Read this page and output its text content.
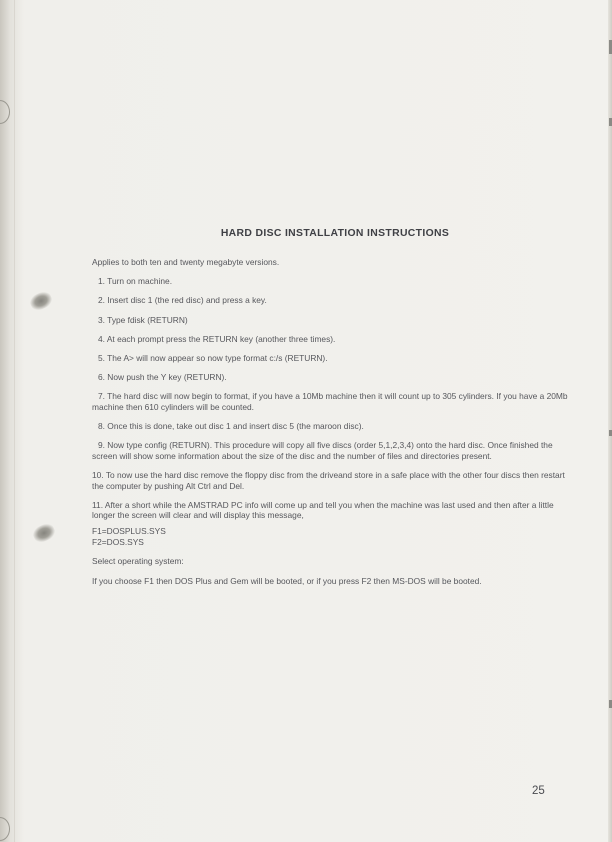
HARD DISC INSTALLATION INSTRUCTIONS

Applies to both ten and twenty megabyte versions.

1. Turn on machine.
2. Insert disc 1 (the red disc) and press a key.
3. Type fdisk (RETURN)
4. At each prompt press the RETURN key (another three times).
5. The A> will now appear so now type format c:/s (RETURN).
6. Now push the Y key (RETURN).
7. The hard disc will now begin to format, if you have a 10Mb machine then it will count up to 305 cylinders. If you have a 20Mb machine then 610 cylinders will be counted.
8. Once this is done, take out disc 1 and insert disc 5 (the maroon disc).
9. Now type config (RETURN). This procedure will copy all five discs (order 5,1,2,3,4) onto the hard disc. Once finished the screen will show some information about the size of the disc and the number of files and directories present.
10. To now use the hard disc remove the floppy disc from the driveand store in a safe place with the other four discs then restart the computer by pushing Alt Ctrl and Del.
11. After a short while the AMSTRAD PC info will come up and tell you when the machine was last used and then after a little longer the screen will clear and will display this message,
F1=DOSPLUS.SYS
F2=DOS.SYS

Select operating system:

If you choose F1 then DOS Plus and Gem will be booted, or if you press F2 then MS-DOS will be booted.

25
